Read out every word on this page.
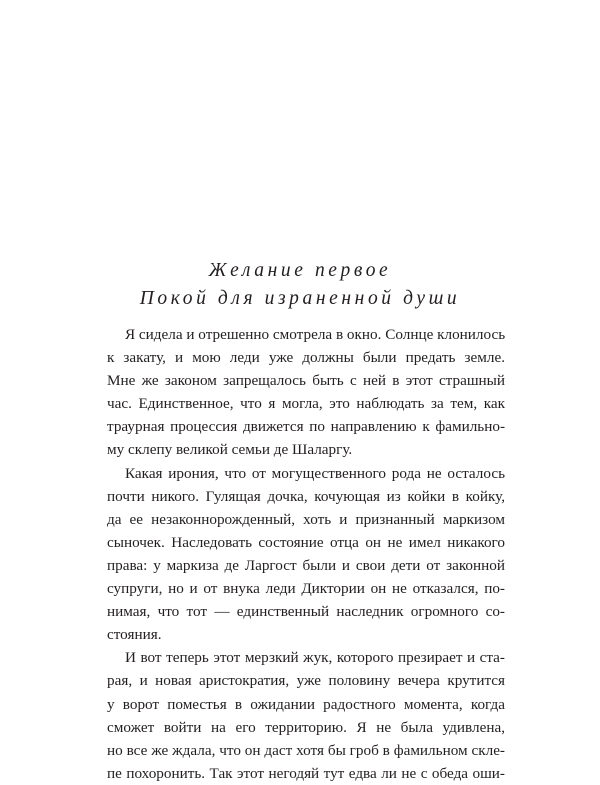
Желание первое
Покой для израненной души
Я сидела и отрешенно смотрела в окно. Солнце клонилось
к закату, и мою леди уже должны были предать земле.
Мне же законом запрещалось быть с ней в этот страшный
час. Единственное, что я могла, это наблюдать за тем, как
траурная процессия движется по направлению к фамильно-
му склепу великой семьи де Шаларгу.
Какая ирония, что от могущественного рода не осталось
почти никого. Гулящая дочка, кочующая из койки в койку,
да ее незаконнорожденный, хоть и признанный маркизом
сыночек. Наследовать состояние отца он не имел никакого
права: у маркиза де Ларгост были и свои дети от законной
супруги, но и от внука леди Диктории он не отказался, по-
нимая, что тот — единственный наследник огромного со-
стояния.
И вот теперь этот мерзкий жук, которого презирает и ста-
рая, и новая аристократия, уже половину вечера крутится
у ворот поместья в ожидании радостного момента, когда
сможет войти на его территорию. Я не была удивлена,
но все же ждала, что он даст хотя бы гроб в фамильном скле-
пе похоронить. Так этот негодяй тут едва ли не с обеда оши-
